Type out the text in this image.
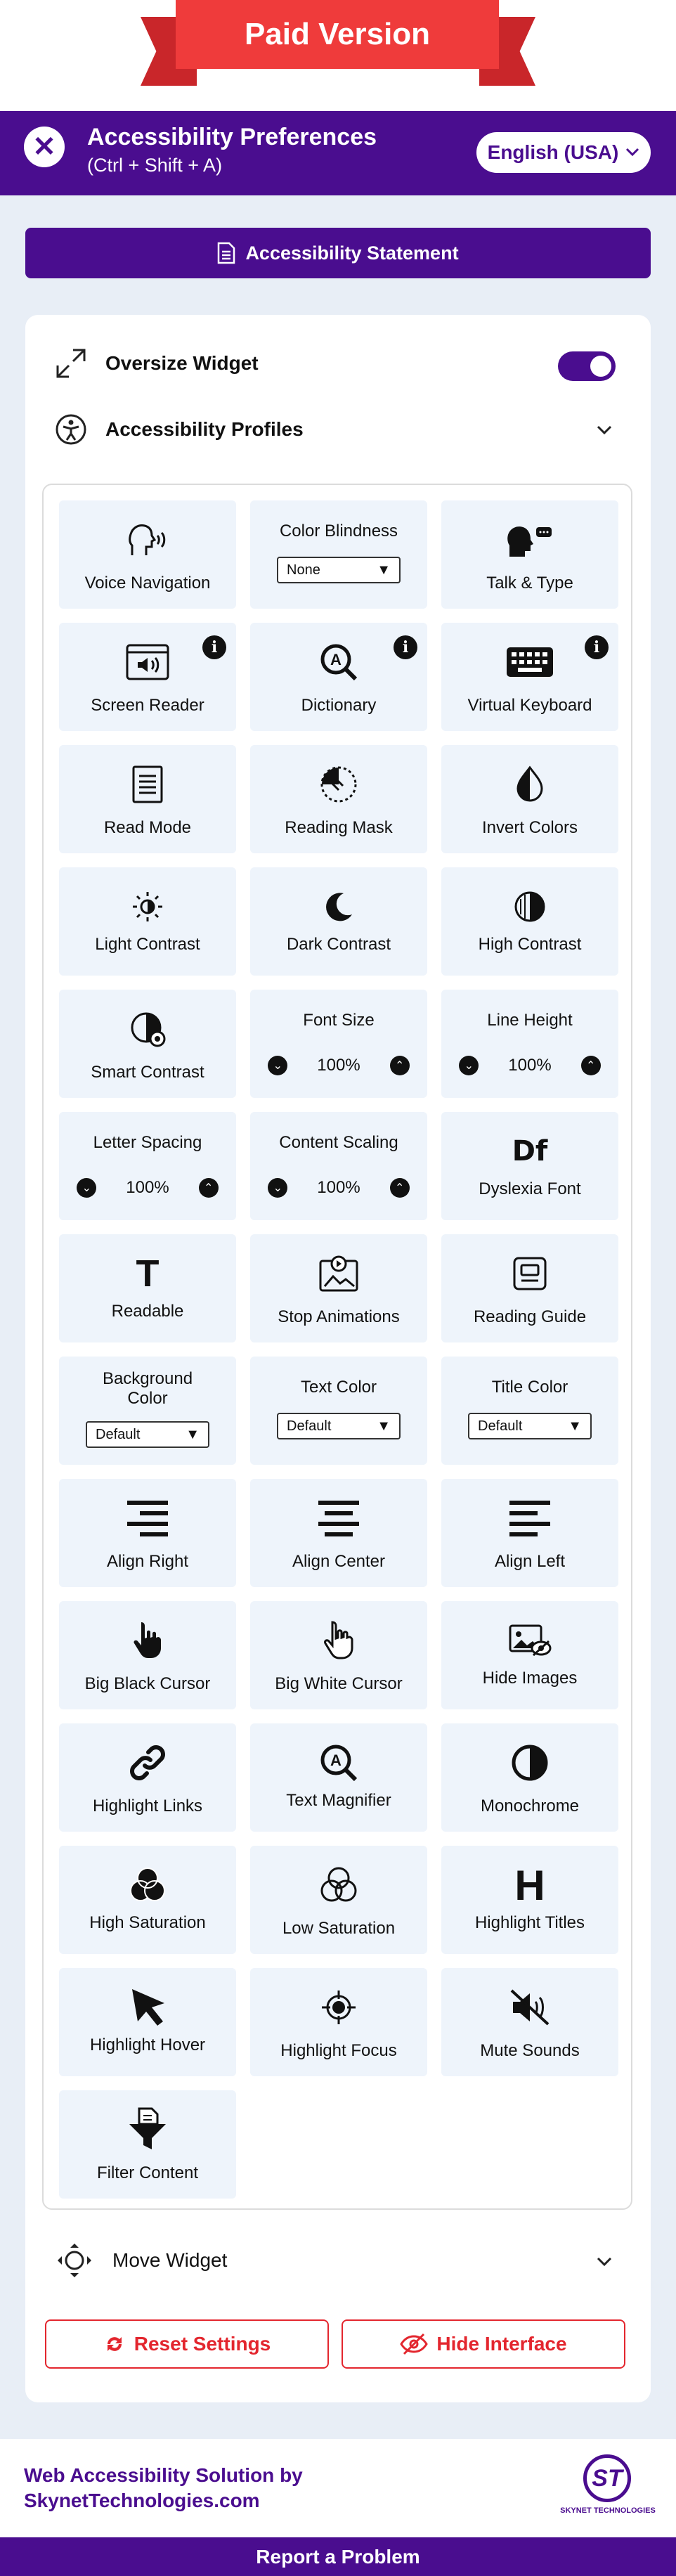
Paid Version
✕	Accessibility Preferences
(Ctrl + Shift + A)
English (USA)
Accessibility Statement
Oversize Widget
Accessibility Profiles
Voice Navigation
Color Blindness
None	▼
Talk & Type
i
Screen Reader
i
A
Dictionary
i
Virtual Keyboard
Read Mode	Reading Mask	Invert Colors
Light Contrast	Dark Contrast	High Contrast
Smart Contrast
Font Size
⌄	100%	⌃
Line Height
⌄	100%	⌃
Letter Spacing
⌄	100%	⌃
Content Scaling
⌄	100%	⌃
Df
Dyslexia Font
T
Readable	Stop Animations	Reading Guide
Background Color
Default	▼
Text Color
Default	▼
Title Color
Default	▼
Align Right	Align Center	Align Left
Big Black Cursor	Big White Cursor	Hide Images
Highlight Links
A
Text Magnifier	Monochrome
High Saturation	Low Saturation
H
Highlight Titles
Highlight Hover	Highlight Focus	Mute Sounds
Filter Content
Move Widget
Reset Settings	Hide Interface
Web Accessibility Solution by SkynetTechnologies.com
ST
SKYNET TECHNOLOGIES
Report a Problem
